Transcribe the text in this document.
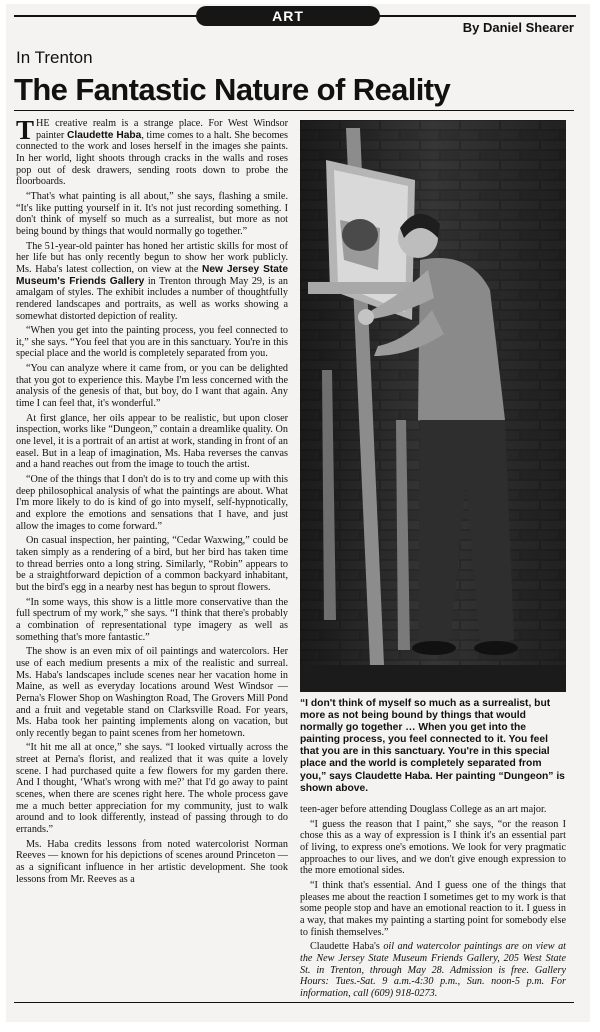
ART
By Daniel Shearer
In Trenton
The Fantastic Nature of Reality

THE creative realm is a strange place. For West Windsor painter Claudette Haba, time comes to a halt. She becomes connected to the work and loses herself in the images she paints. In her world, light shoots through cracks in the walls and roses pop out of desk drawers, sending roots down to probe the floorboards.

“That's what painting is all about,” she says, flashing a smile. “It's like putting yourself in it. It's not just recording something. I don't think of myself so much as a surrealist, but more as not being bound by things that would normally go together.”

The 51-year-old painter has honed her artistic skills for most of her life but has only recently begun to show her work publicly. Ms. Haba's latest collection, on view at the New Jersey State Museum's Friends Gallery in Trenton through May 29, is an amalgam of styles. The exhibit includes a number of thoughtfully rendered landscapes and portraits, as well as works showing a somewhat distorted depiction of reality.

“When you get into the painting process, you feel connected to it,” she says. “You feel that you are in this sanctuary. You're in this special place and the world is completely separated from you.

“You can analyze where it came from, or you can be delighted that you got to experience this. Maybe I'm less concerned with the analysis of the genesis of that, but boy, do I want that again. Any time I can feel that, it's wonderful.”

At first glance, her oils appear to be realistic, but upon closer inspection, works like “Dungeon,” contain a dreamlike quality. On one level, it is a portrait of an artist at work, standing in front of an easel. But in a leap of imagination, Ms. Haba reverses the canvas and a hand reaches out from the image to touch the artist.

“One of the things that I don't do is to try and come up with this deep philosophical analysis of what the paintings are about. What I'm more likely to do is kind of go into myself, self-hypnotically, and explore the emotions and sensations that I have, and just allow the images to come forward.”

On casual inspection, her painting, “Cedar Waxwing,” could be taken simply as a rendering of a bird, but her bird has taken time to thread berries onto a long string. Similarly, “Robin” appears to be a straightforward depiction of a common backyard inhabitant, but the bird's egg in a nearby nest has begun to sprout flowers.

“In some ways, this show is a little more conservative than the full spectrum of my work,” she says. “I think that there's probably a combination of representational type imagery as well as something that's more fantastic.”

The show is an even mix of oil paintings and watercolors. Her use of each medium presents a mix of the realistic and surreal. Ms. Haba's landscapes include scenes near her vacation home in Maine, as well as everyday locations around West Windsor — Perna's Flower Shop on Washington Road, The Grovers Mill Pond and a fruit and vegetable stand on Clarksville Road. For years, Ms. Haba took her painting implements along on vacation, but only recently began to paint scenes from her hometown.

“It hit me all at once,” she says. “I looked virtually across the street at Perna's florist, and realized that it was quite a lovely scene. I had purchased quite a few flowers for my garden there. And I thought, ‘What's wrong with me?’ that I'd go away to paint scenes, when there are scenes right here. The whole process gave me a much better appreciation for my community, just to walk around and to look differently, instead of passing through to do errands.”

Ms. Haba credits lessons from noted watercolorist Norman Reeves — known for his depictions of scenes around Princeton — as a significant influence in her artistic development. She took lessons from Mr. Reeves as a

“I don't think of myself so much as a surrealist, but more as not being bound by things that would normally go together … When you get into the painting process, you feel connected to it. You feel that you are in this sanctuary. You're in this special place and the world is completely separated from you,” says Claudette Haba. Her painting “Dungeon” is shown above.

teen-ager before attending Douglass College as an art major.

“I guess the reason that I paint,” she says, “or the reason I chose this as a way of expression is I think it's an essential part of living, to express one's emotions. We look for very pragmatic approaches to our lives, and we don't give enough expression to the more emotional sides.

“I think that's essential. And I guess one of the things that pleases me about the reaction I sometimes get to my work is that some people stop and have an emotional reaction to it. I guess in a way, that makes my painting a starting point for somebody else to finish themselves.”

Claudette Haba's oil and watercolor paintings are on view at the New Jersey State Museum Friends Gallery, 205 West State St. in Trenton, through May 28. Admission is free. Gallery Hours: Tues.-Sat. 9 a.m.-4:30 p.m., Sun. noon-5 p.m. For information, call (609) 918-0273.
